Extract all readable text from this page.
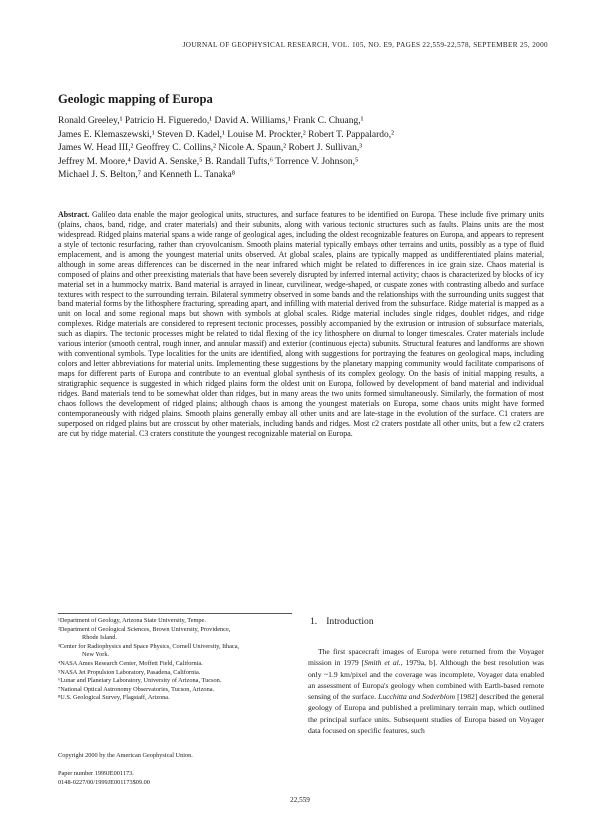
JOURNAL OF GEOPHYSICAL RESEARCH, VOL. 105, NO. E9, PAGES 22,559-22,578, SEPTEMBER 25, 2000
Geologic mapping of Europa
Ronald Greeley,¹ Patricio H. Figueredo,¹ David A. Williams,¹ Frank C. Chuang,¹
James E. Klemaszewski,¹ Steven D. Kadel,¹ Louise M. Prockter,² Robert T. Pappalardo,²
James W. Head III,² Geoffrey C. Collins,² Nicole A. Spaun,² Robert J. Sullivan,³
Jeffrey M. Moore,⁴ David A. Senske,⁵ B. Randall Tufts,⁶ Torrence V. Johnson,⁵
Michael J. S. Belton,⁷ and Kenneth L. Tanaka⁸

Abstract. Galileo data enable the major geological units, structures, and surface features to be identified on Europa. These include five primary units (plains, chaos, band, ridge, and crater materials) and their subunits, along with various tectonic structures such as faults. Plains units are the most widespread. Ridged plains material spans a wide range of geological ages, including the oldest recognizable features on Europa, and appears to represent a style of tectonic resurfacing, rather than cryovolcanism. Smooth plains material typically embays other terrains and units, possibly as a type of fluid emplacement, and is among the youngest material units observed. At global scales, plains are typically mapped as undifferentiated plains material, although in some areas differences can be discerned in the near infrared which might be related to differences in ice grain size. Chaos material is composed of plains and other preexisting materials that have been severely disrupted by inferred internal activity; chaos is characterized by blocks of icy material set in a hummocky matrix. Band material is arrayed in linear, curvilinear, wedge-shaped, or cuspate zones with contrasting albedo and surface textures with respect to the surrounding terrain. Bilateral symmetry observed in some bands and the relationships with the surrounding units suggest that band material forms by the lithosphere fracturing, spreading apart, and infilling with material derived from the subsurface. Ridge material is mapped as a unit on local and some regional maps but shown with symbols at global scales. Ridge material includes single ridges, doublet ridges, and ridge complexes. Ridge materials are considered to represent tectonic processes, possibly accompanied by the extrusion or intrusion of subsurface materials, such as diapirs. The tectonic processes might be related to tidal flexing of the icy lithosphere on diurnal to longer timescales. Crater materials include various interior (smooth central, rough inner, and annular massif) and exterior (continuous ejecta) subunits. Structural features and landforms are shown with conventional symbols. Type localities for the units are identified, along with suggestions for portraying the features on geological maps, including colors and letter abbreviations for material units. Implementing these suggestions by the planetary mapping community would facilitate comparisons of maps for different parts of Europa and contribute to an eventual global synthesis of its complex geology. On the basis of initial mapping results, a stratigraphic sequence is suggested in which ridged plains form the oldest unit on Europa, followed by development of band material and individual ridges. Band materials tend to be somewhat older than ridges, but in many areas the two units formed simultaneously. Similarly, the formation of most chaos follows the development of ridged plains; although chaos is among the youngest materials on Europa, some chaos units might have formed contemporaneously with ridged plains. Smooth plains generally embay all other units and are late-stage in the evolution of the surface. C1 craters are superposed on ridged plains but are crosscut by other materials, including bands and ridges. Most c2 craters postdate all other units, but a few c2 craters are cut by ridge material. C3 craters constitute the youngest recognizable material on Europa.

¹Department of Geology, Arizona State University, Tempe.
²Department of Geological Sciences, Brown University, Providence,
Rhode Island.
³Center for Radiophysics and Space Physics, Cornell University, Ithaca,
New York.
⁴NASA Ames Research Center, Moffett Field, California.
⁵NASA Jet Propulsion Laboratory, Pasadena, California.
⁶Lunar and Planetary Laboratory, University of Arizona, Tucson.
⁷National Optical Astronomy Observatories, Tucson, Arizona.
⁸U.S. Geological Survey, Flagstaff, Arizona.
Copyright 2000 by the American Geophysical Union.
Paper number 1999JE001173.
0148-0227/00/1999JE001173$09.00
1. Introduction

The first spacecraft images of Europa were returned from the Voyager mission in 1979 [Smith et al., 1979a, b]. Although the best resolution was only ~1.9 km/pixel and the coverage was incomplete, Voyager data enabled an assessment of Europa's geology when combined with Earth-based remote sensing of the surface. Lucchitta and Soderblom [1982] described the general geology of Europa and published a preliminary terrain map, which outlined the principal surface units. Subsequent studies of Europa based on Voyager data focused on specific features, such

22,559
